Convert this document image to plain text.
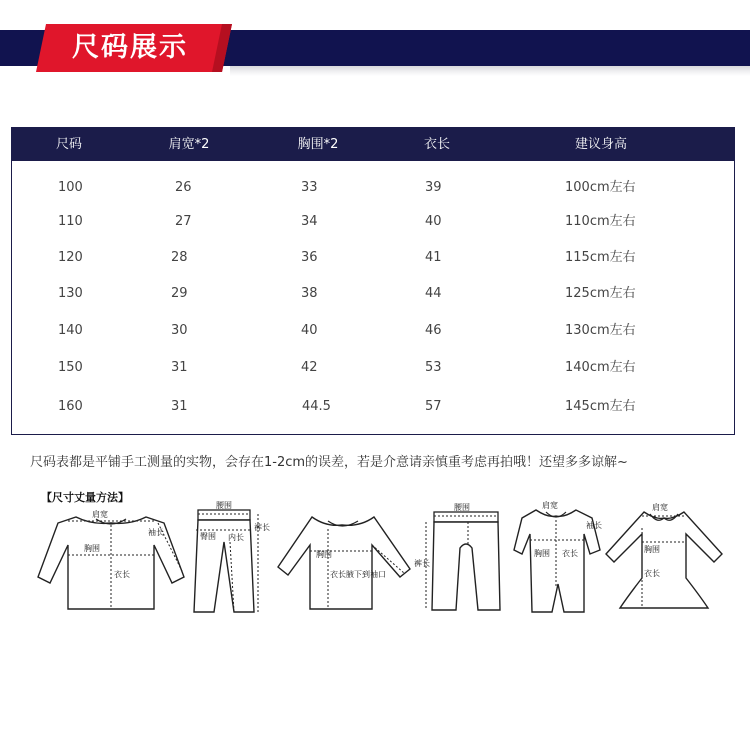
尺码展示
尺码	肩宽*2	胸围*2	衣长	建议身高
100	26	33	39	100cm左右
110	27	34	40	110cm左右
120	28	36	41	115cm左右
130	29	38	44	125cm左右
140	30	40	46	130cm左右
150	31	42	53	140cm左右
160	31	44.5	57	145cm左右
尺码表都是平铺手工测量的实物，会存在1-2cm的误差，若是介意请亲慎重考虑再拍哦！还望多多谅解~
【尺寸丈量方法】
肩宽
袖长
胸围
衣长
腰围
臀围 内长
裤长
胸围
衣长 腋下到袖口
腰围
裤长
肩宽
胸围 衣长
袖长
肩宽
胸围
衣长
